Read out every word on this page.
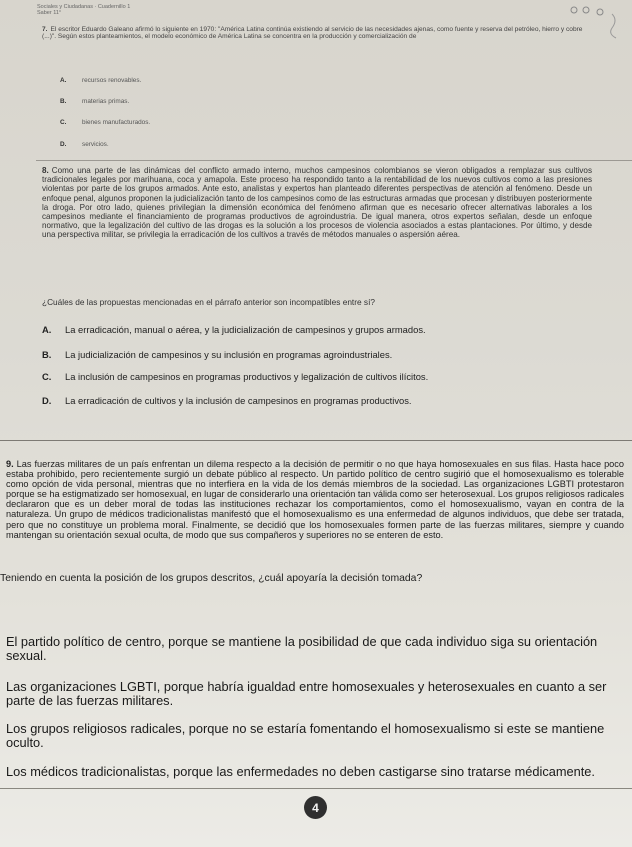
Sociales y Ciudadanas · Cuadernillo 1
Saber 11°
7. El escritor Eduardo Galeano afirmó lo siguiente en 1970: "América Latina continúa existiendo al servicio de las necesidades ajenas, como fuente y reserva del petróleo, hierro y cobre (...)". Según estos planteamientos, el modelo económico de América Latina se concentra en la producción y comercialización de
A. recursos renovables.
B. materias primas.
C. bienes manufacturados.
D. servicios.
8. Como una parte de las dinámicas del conflicto armado interno, muchos campesinos colombianos se vieron obligados a remplazar sus cultivos tradicionales legales por marihuana, coca y amapola. Este proceso ha respondido tanto a la rentabilidad de los nuevos cultivos como a las presiones violentas por parte de los grupos armados. Ante esto, analistas y expertos han planteado diferentes perspectivas de atención al fenómeno. Desde un enfoque penal, algunos proponen la judicialización tanto de los campesinos como de las estructuras armadas que procesan y distribuyen posteriormente la droga. Por otro lado, quienes privilegian la dimensión económica del fenómeno afirman que es necesario ofrecer alternativas laborales a los campesinos mediante el financiamiento de programas productivos de agroindustria. De igual manera, otros expertos señalan, desde un enfoque normativo, que la legalización del cultivo de las drogas es la solución a los procesos de violencia asociados a estas plantaciones. Por último, y desde una perspectiva militar, se privilegia la erradicación de los cultivos a través de métodos manuales o aspersión aérea.
¿Cuáles de las propuestas mencionadas en el párrafo anterior son incompatibles entre sí?
A. La erradicación, manual o aérea, y la judicialización de campesinos y grupos armados.
B. La judicialización de campesinos y su inclusión en programas agroindustriales.
C. La inclusión de campesinos en programas productivos y legalización de cultivos ilícitos.
D. La erradicación de cultivos y la inclusión de campesinos en programas productivos.
9. Las fuerzas militares de un país enfrentan un dilema respecto a la decisión de permitir o no que haya homosexuales en sus filas. Hasta hace poco estaba prohibido, pero recientemente surgió un debate público al respecto. Un partido político de centro sugirió que el homosexualismo es tolerable como opción de vida personal, mientras que no interfiera en la vida de los demás miembros de la sociedad. Las organizaciones LGBTI protestaron porque se ha estigmatizado ser homosexual, en lugar de considerarlo una orientación tan válida como ser heterosexual. Los grupos religiosos radicales declararon que es un deber moral de todas las instituciones rechazar los comportamientos, como el homosexualismo, vayan en contra de la naturaleza. Un grupo de médicos tradicionalistas manifestó que el homosexualismo es una enfermedad de algunos individuos, que debe ser tratada, pero que no constituye un problema moral. Finalmente, se decidió que los homosexuales formen parte de las fuerzas militares, siempre y cuando mantengan su orientación sexual oculta, de modo que sus compañeros y superiores no se enteren de esto.
Teniendo en cuenta la posición de los grupos descritos, ¿cuál apoyaría la decisión tomada?
El partido político de centro, porque se mantiene la posibilidad de que cada individuo siga su orientación sexual.
Las organizaciones LGBTI, porque habría igualdad entre homosexuales y heterosexuales en cuanto a ser parte de las fuerzas militares.
Los grupos religiosos radicales, porque no se estaría fomentando el homosexualismo si este se mantiene oculto.
Los médicos tradicionalistas, porque las enfermedades no deben castigarse sino tratarse médicamente.
4
